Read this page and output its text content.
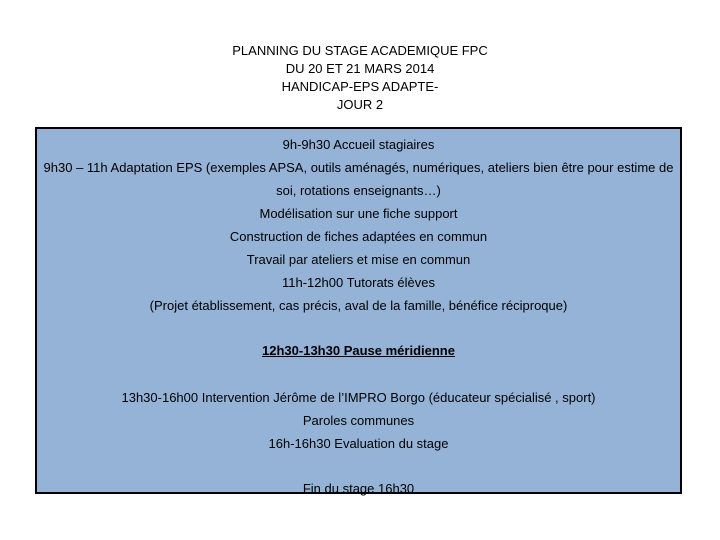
PLANNING DU STAGE ACADEMIQUE FPC
DU 20 ET 21 MARS 2014
HANDICAP-EPS ADAPTE-
JOUR 2
9h-9h30 Accueil stagiaires
9h30 – 11h Adaptation EPS (exemples APSA, outils aménagés, numériques, ateliers bien être pour estime de soi, rotations enseignants…)
Modélisation sur une fiche support
Construction de fiches adaptées en commun
Travail par ateliers et mise en commun
11h-12h00 Tutorats élèves
(Projet établissement, cas précis, aval de la famille, bénéfice réciproque)
12h30-13h30 Pause méridienne
13h30-16h00 Intervention Jérôme de l’IMPRO Borgo (éducateur spécialisé , sport)
Paroles communes
16h-16h30 Evaluation du stage
Fin du stage 16h30
